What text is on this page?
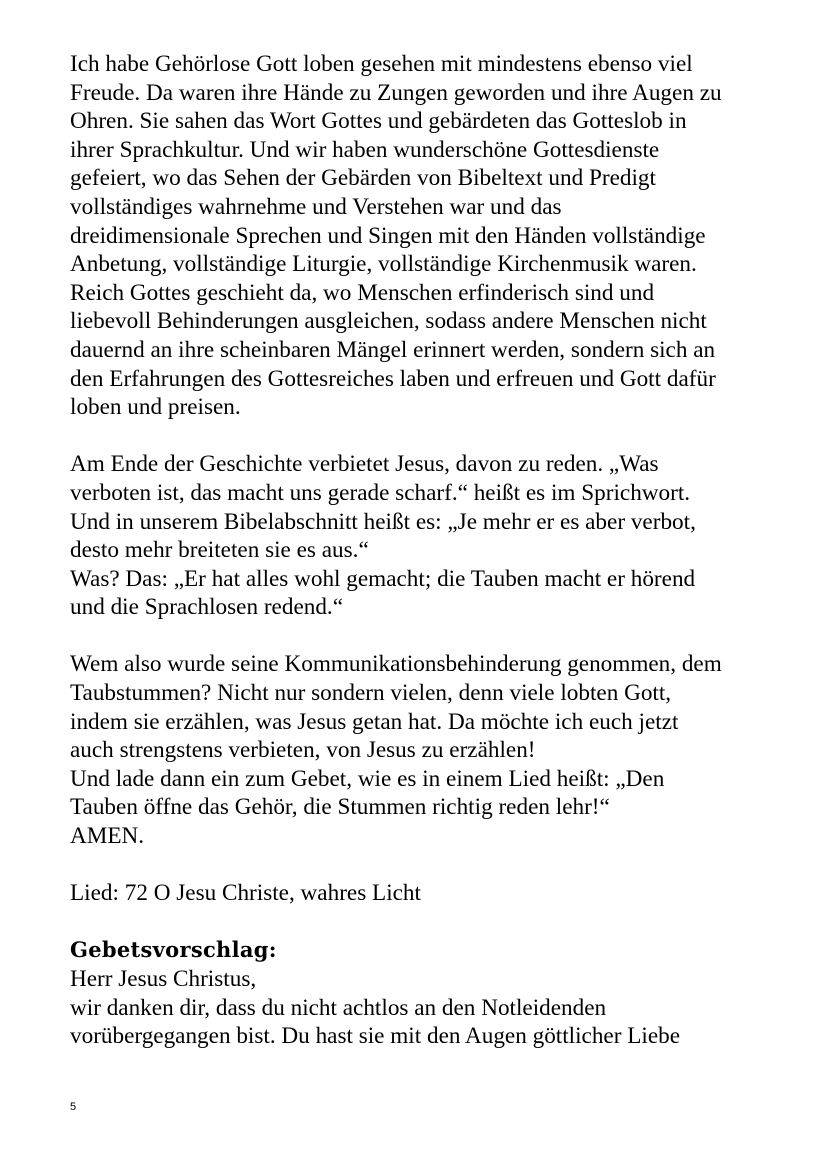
Ich habe Gehörlose Gott loben gesehen mit mindestens ebenso viel
Freude. Da waren ihre Hände zu Zungen geworden und ihre Augen zu
Ohren. Sie sahen das Wort Gottes und gebärdeten das Gotteslob in
ihrer Sprachkultur. Und wir haben wunderschöne Gottesdienste
gefeiert, wo das Sehen der Gebärden von Bibeltext und Predigt
vollständiges wahrnehme und Verstehen war und das
dreidimensionale Sprechen und Singen mit den Händen vollständige
Anbetung, vollständige Liturgie, vollständige Kirchenmusik waren.
Reich Gottes geschieht da, wo Menschen erfinderisch sind und
liebevoll Behinderungen ausgleichen, sodass andere Menschen nicht
dauernd an ihre scheinbaren Mängel erinnert werden, sondern sich an
den Erfahrungen des Gottesreiches laben und erfreuen und Gott dafür
loben und preisen.

Am Ende der Geschichte verbietet Jesus, davon zu reden. „Was
verboten ist, das macht uns gerade scharf.“ heißt es im Sprichwort.
Und in unserem Bibelabschnitt heißt es: „Je mehr er es aber verbot,
desto mehr breiteten sie es aus.“
Was? Das: „Er hat alles wohl gemacht; die Tauben macht er hörend
und die Sprachlosen redend.“

Wem also wurde seine Kommunikationsbehinderung genommen, dem
Taubstummen? Nicht nur sondern vielen, denn viele lobten Gott,
indem sie erzählen, was Jesus getan hat. Da möchte ich euch jetzt
auch strengstens verbieten, von Jesus zu erzählen!
Und lade dann ein zum Gebet, wie es in einem Lied heißt: „Den
Tauben öffne das Gehör, die Stummen richtig reden lehr!“
AMEN.

Lied: 72 O Jesu Christe, wahres Licht

Gebetsvorschlag:
Herr Jesus Christus,
wir danken dir, dass du nicht achtlos an den Notleidenden
vorübergegangen bist. Du hast sie mit den Augen göttlicher Liebe

5
